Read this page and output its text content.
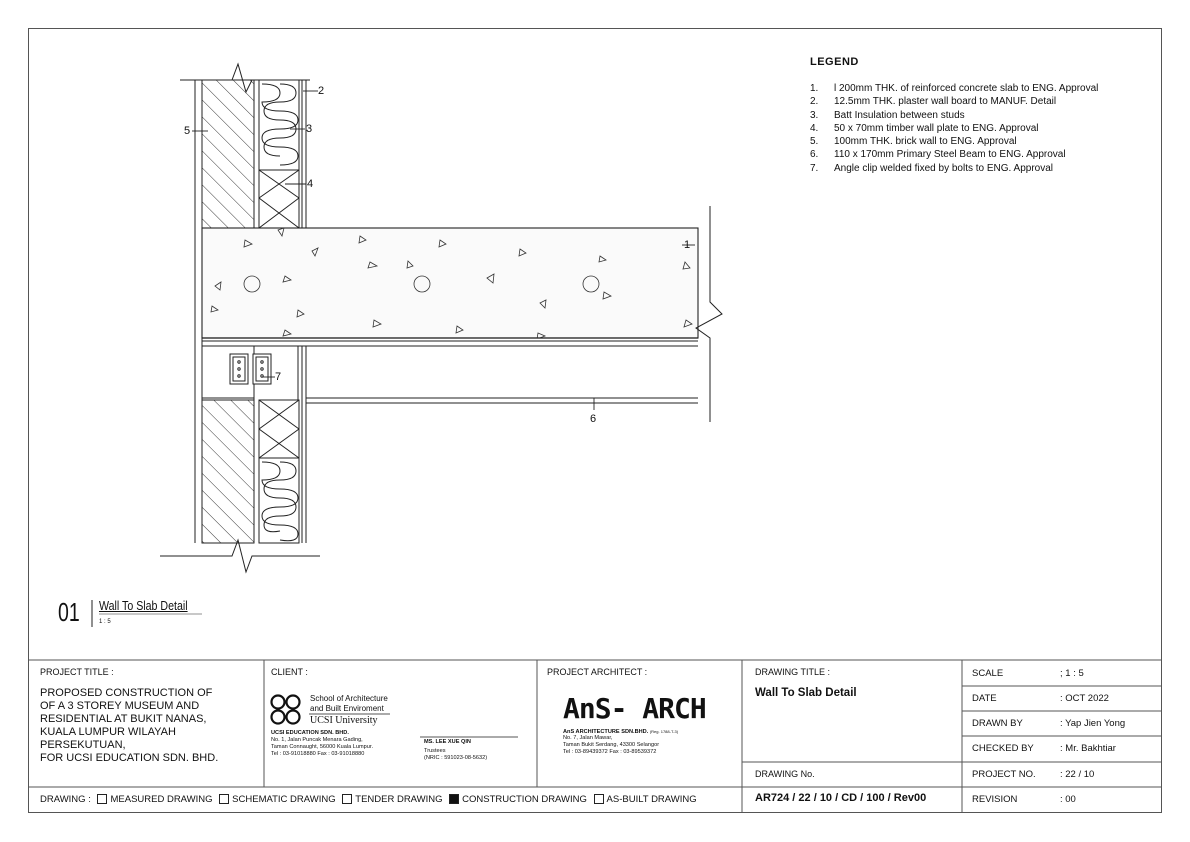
LEGEND
1.	l 200mm THK. of reinforced concrete slab to ENG. Approval
2.	12.5mm THK. plaster wall board to MANUF. Detail
3.	Batt Insulation between studs
4.	50 x 70mm timber wall plate to ENG. Approval
5.	100mm THK. brick wall to ENG. Approval
6.	110 x 170mm Primary Steel Beam to ENG. Approval
7.	Angle clip welded fixed by bolts to ENG. Approval
1
2
3
4
5
6
7
01 Wall To Slab Detail
1 : 5
PROJECT TITLE :
PROPOSED CONSTRUCTION OF
OF A 3 STOREY MUSEUM AND
RESIDENTIAL AT BUKIT NANAS,
KUALA LUMPUR WILAYAH
PERSEKUTUAN,
FOR UCSI EDUCATION SDN. BHD.
CLIENT :
School of Architecture
and Built Enviroment
UCSI University
UCSI EDUCATION SDN. BHD.
No. 1, Jalan Puncak Menara Gading,
Taman Connaught, 56000 Kuala Lumpur.
Tel : 03-91018880 Fax : 03-91018880
MS. LEE XUE QIN
Trustees
(NRIC : 591023-08-5632)
PROJECT ARCHITECT :
AnS- ARCH
AnS ARCHITECTURE SDN.BHD. (Reg. 1788-T-3)
No. 7, Jalan Mawar,
Taman Bukit Serdang, 43300 Selangor
Tel : 03-89439372 Fax : 03-89539372
DRAWING TITLE :
Wall To Slab Detail
DRAWING No.
AR724 / 22 / 10 / CD / 100 / Rev00
SCALE	; 1 : 5
DATE	: OCT 2022
DRAWN BY	: Yap Jien Yong
CHECKED BY	: Mr. Bakhtiar
PROJECT NO.	: 22 / 10
REVISION	: 00
DRAWING : MEASURED DRAWING SCHEMATIC DRAWING TENDER DRAWING CONSTRUCTION DRAWING AS-BUILT DRAWING
